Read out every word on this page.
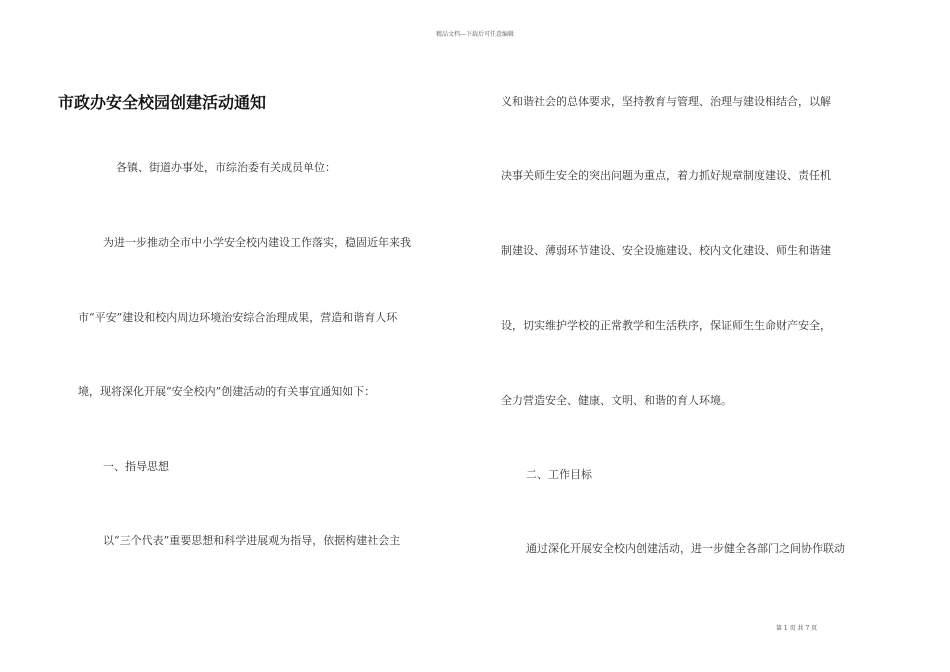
精品文档---下载后可任意编辑
市政办安全校园创建活动通知
各镇、街道办事处，市综治委有关成员单位：
为进一步推动全市中小学安全校内建设工作落实，稳固近年来我
市“平安”建设和校内周边环境治安综合治理成果，营造和谐育人环
境，现将深化开展“安全校内”创建活动的有关事宜通知如下：
一、指导思想
以“三个代表”重要思想和科学进展观为指导，依据构建社会主
义和谐社会的总体要求，坚持教育与管理、治理与建设相结合，以解
决事关师生安全的突出问题为重点，着力抓好规章制度建设、责任机
制建设、薄弱环节建设、安全设施建设、校内文化建设、师生和谐建
设，切实维护学校的正常教学和生活秩序，保证师生生命财产安全，
全力营造安全、健康、文明、和谐的育人环境。
二、工作目标
通过深化开展安全校内创建活动，进一步健全各部门之间协作联动
第 1 页 共 7 页
